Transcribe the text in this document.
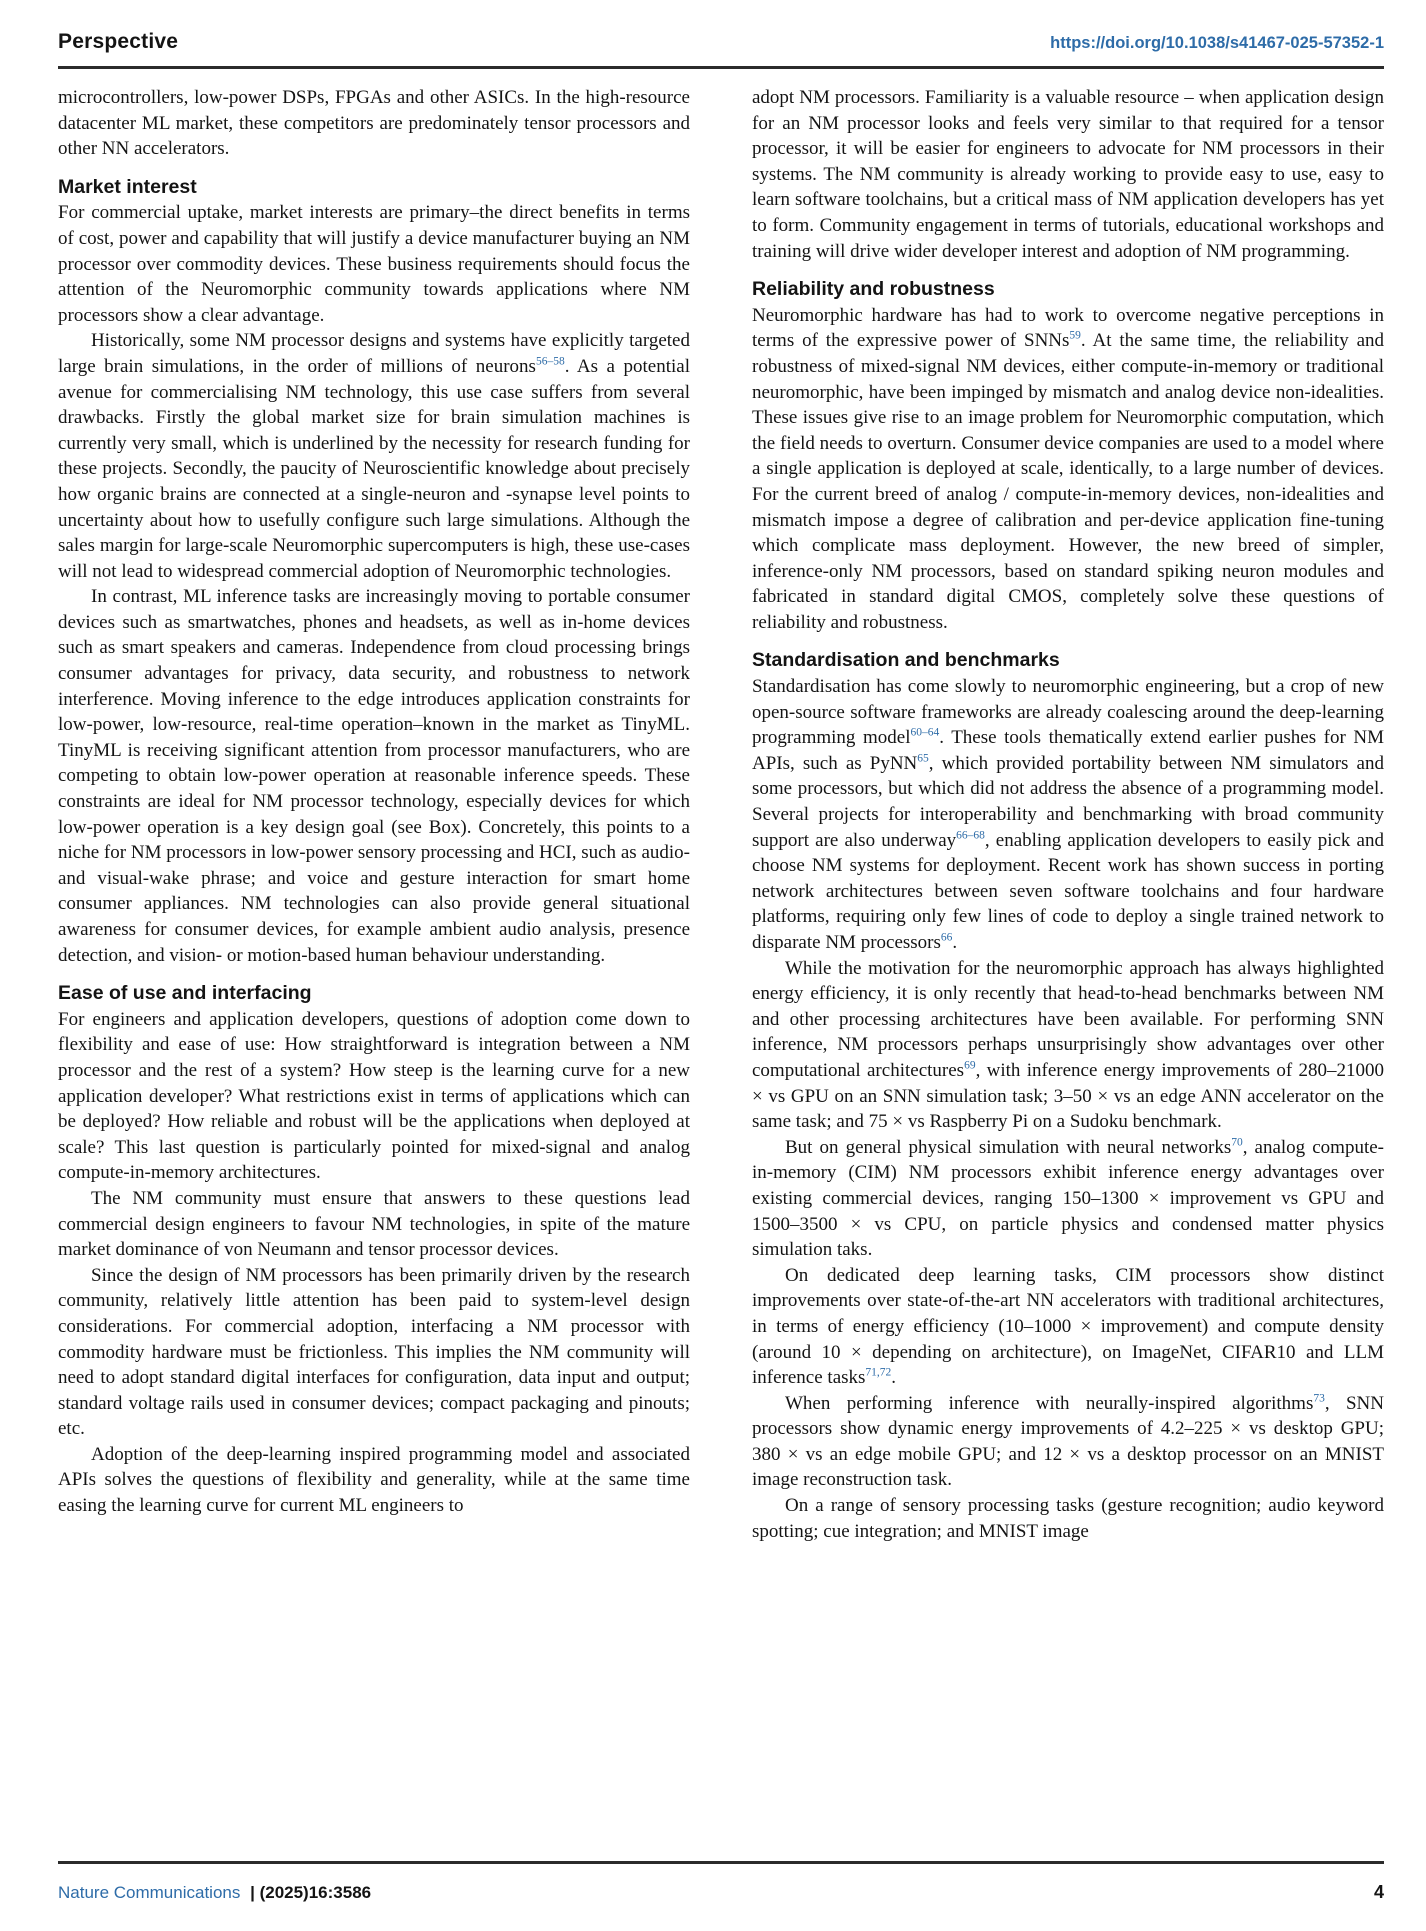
Perspective	https://doi.org/10.1038/s41467-025-57352-1

microcontrollers, low-power DSPs, FPGAs and other ASICs. In the high-resource datacenter ML market, these competitors are predominately tensor processors and other NN accelerators.

Market interest

For commercial uptake, market interests are primary–the direct benefits in terms of cost, power and capability that will justify a device manufacturer buying an NM processor over commodity devices. These business requirements should focus the attention of the Neuromorphic community towards applications where NM processors show a clear advantage.

Historically, some NM processor designs and systems have explicitly targeted large brain simulations, in the order of millions of neurons$^{56-58}$. As a potential avenue for commercialising NM technology, this use case suffers from several drawbacks. Firstly the global market size for brain simulation machines is currently very small, which is underlined by the necessity for research funding for these projects. Secondly, the paucity of Neuroscientific knowledge about precisely how organic brains are connected at a single-neuron and -synapse level points to uncertainty about how to usefully configure such large simulations. Although the sales margin for large-scale Neuromorphic supercomputers is high, these use-cases will not lead to widespread commercial adoption of Neuromorphic technologies.

In contrast, ML inference tasks are increasingly moving to portable consumer devices such as smartwatches, phones and headsets, as well as in-home devices such as smart speakers and cameras. Independence from cloud processing brings consumer advantages for privacy, data security, and robustness to network interference. Moving inference to the edge introduces application constraints for low-power, low-resource, real-time operation–known in the market as TinyML. TinyML is receiving significant attention from processor manufacturers, who are competing to obtain low-power operation at reasonable inference speeds. These constraints are ideal for NM processor technology, especially devices for which low-power operation is a key design goal (see Box). Concretely, this points to a niche for NM processors in low-power sensory processing and HCI, such as audio- and visual-wake phrase; and voice and gesture interaction for smart home consumer appliances. NM technologies can also provide general situational awareness for consumer devices, for example ambient audio analysis, presence detection, and vision- or motion-based human behaviour understanding.

Ease of use and interfacing

For engineers and application developers, questions of adoption come down to flexibility and ease of use: How straightforward is integration between a NM processor and the rest of a system? How steep is the learning curve for a new application developer? What restrictions exist in terms of applications which can be deployed? How reliable and robust will be the applications when deployed at scale? This last question is particularly pointed for mixed-signal and analog compute-in-memory architectures.

The NM community must ensure that answers to these questions lead commercial design engineers to favour NM technologies, in spite of the mature market dominance of von Neumann and tensor processor devices.

Since the design of NM processors has been primarily driven by the research community, relatively little attention has been paid to system-level design considerations. For commercial adoption, interfacing a NM processor with commodity hardware must be frictionless. This implies the NM community will need to adopt standard digital interfaces for configuration, data input and output; standard voltage rails used in consumer devices; compact packaging and pinouts; etc.

Adoption of the deep-learning inspired programming model and associated APIs solves the questions of flexibility and generality, while at the same time easing the learning curve for current ML engineers to

adopt NM processors. Familiarity is a valuable resource – when application design for an NM processor looks and feels very similar to that required for a tensor processor, it will be easier for engineers to advocate for NM processors in their systems. The NM community is already working to provide easy to use, easy to learn software toolchains, but a critical mass of NM application developers has yet to form. Community engagement in terms of tutorials, educational workshops and training will drive wider developer interest and adoption of NM programming.

Reliability and robustness

Neuromorphic hardware has had to work to overcome negative perceptions in terms of the expressive power of SNNs$^{59}$. At the same time, the reliability and robustness of mixed-signal NM devices, either compute-in-memory or traditional neuromorphic, have been impinged by mismatch and analog device non-idealities. These issues give rise to an image problem for Neuromorphic computation, which the field needs to overturn. Consumer device companies are used to a model where a single application is deployed at scale, identically, to a large number of devices. For the current breed of analog / compute-in-memory devices, non-idealities and mismatch impose a degree of calibration and per-device application fine-tuning which complicate mass deployment. However, the new breed of simpler, inference-only NM processors, based on standard spiking neuron modules and fabricated in standard digital CMOS, completely solve these questions of reliability and robustness.

Standardisation and benchmarks

Standardisation has come slowly to neuromorphic engineering, but a crop of new open-source software frameworks are already coalescing around the deep-learning programming model$^{60-64}$. These tools thematically extend earlier pushes for NM APIs, such as PyNN$^{65}$, which provided portability between NM simulators and some processors, but which did not address the absence of a programming model. Several projects for interoperability and benchmarking with broad community support are also underway$^{66-68}$, enabling application developers to easily pick and choose NM systems for deployment. Recent work has shown success in porting network architectures between seven software toolchains and four hardware platforms, requiring only few lines of code to deploy a single trained network to disparate NM processors$^{66}$.

While the motivation for the neuromorphic approach has always highlighted energy efficiency, it is only recently that head-to-head benchmarks between NM and other processing architectures have been available. For performing SNN inference, NM processors perhaps unsurprisingly show advantages over other computational architectures$^{69}$, with inference energy improvements of 280–21000 × vs GPU on an SNN simulation task; 3–50 × vs an edge ANN accelerator on the same task; and 75 × vs Raspberry Pi on a Sudoku benchmark.

But on general physical simulation with neural networks$^{70}$, analog compute-in-memory (CIM) NM processors exhibit inference energy advantages over existing commercial devices, ranging 150–1300 × improvement vs GPU and 1500–3500 × vs CPU, on particle physics and condensed matter physics simulation taks.

On dedicated deep learning tasks, CIM processors show distinct improvements over state-of-the-art NN accelerators with traditional architectures, in terms of energy efficiency (10–1000 × improvement) and compute density (around 10 × depending on architecture), on ImageNet, CIFAR10 and LLM inference tasks$^{71,72}$.

When performing inference with neurally-inspired algorithms$^{73}$, SNN processors show dynamic energy improvements of 4.2–225 × vs desktop GPU; 380 × vs an edge mobile GPU; and 12 × vs a desktop processor on an MNIST image reconstruction task.

On a range of sensory processing tasks (gesture recognition; audio keyword spotting; cue integration; and MNIST image

Nature Communications | (2025)16:3586	4
